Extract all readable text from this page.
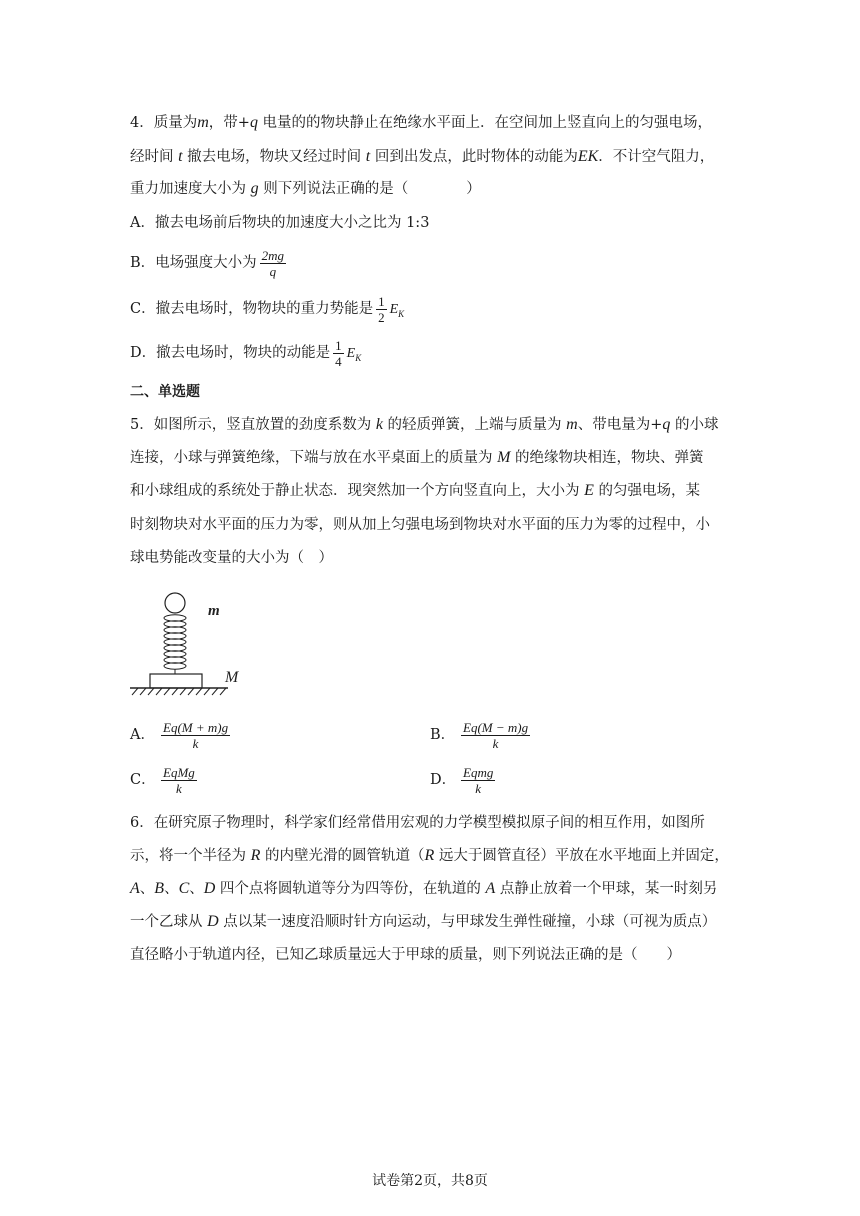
4．质量为m，带+q 电量的的物块静止在绝缘水平面上．在空间加上竖直向上的匀强电场，
经时间 t 撤去电场，物块又经过时间 t 回到出发点，此时物体的动能为EK．不计空气阻力，
重力加速度大小为 g 则下列说法正确的是（　　　　）
A．撤去电场前后物块的加速度大小之比为 1:3
B．电场强度大小为 $\frac{2mg}{q}$
C．撤去电场时，物物块的重力势能是 $\frac{1}{2} E_K$
D．撤去电场时，物块的动能是 $\frac{1}{4} E_K$
二、单选题
5．如图所示，竖直放置的劲度系数为 k 的轻质弹簧，上端与质量为 m、带电量为+q 的小球
连接，小球与弹簧绝缘，下端与放在水平桌面上的质量为 M 的绝缘物块相连，物块、弹簧
和小球组成的系统处于静止状态．现突然加一个方向竖直向上，大小为 E 的匀强电场，某
时刻物块对水平面的压力为零，则从加上匀强电场到物块对水平面的压力为零的过程中，小
球电势能改变量的大小为（　）
m
M
A． $\frac{Eq(M + m)g}{k}$	B． $\frac{Eq(M - m)g}{k}$
C． $\frac{\text{EqMg}}{k}$	D． $\frac{\text{Eqmg}}{k}$
6．在研究原子物理时，科学家们经常借用宏观的力学模型模拟原子间的相互作用，如图所
示，将一个半径为 R 的内壁光滑的圆管轨道（R 远大于圆管直径）平放在水平地面上并固定，
A、B、C、D 四个点将圆轨道等分为四等份，在轨道的 A 点静止放着一个甲球，某一时刻另
一个乙球从 D 点以某一速度沿顺时针方向运动，与甲球发生弹性碰撞，小球（可视为质点）
直径略小于轨道内径，已知乙球质量远大于甲球的质量，则下列说法正确的是（　　）
试卷第2页，共8页
